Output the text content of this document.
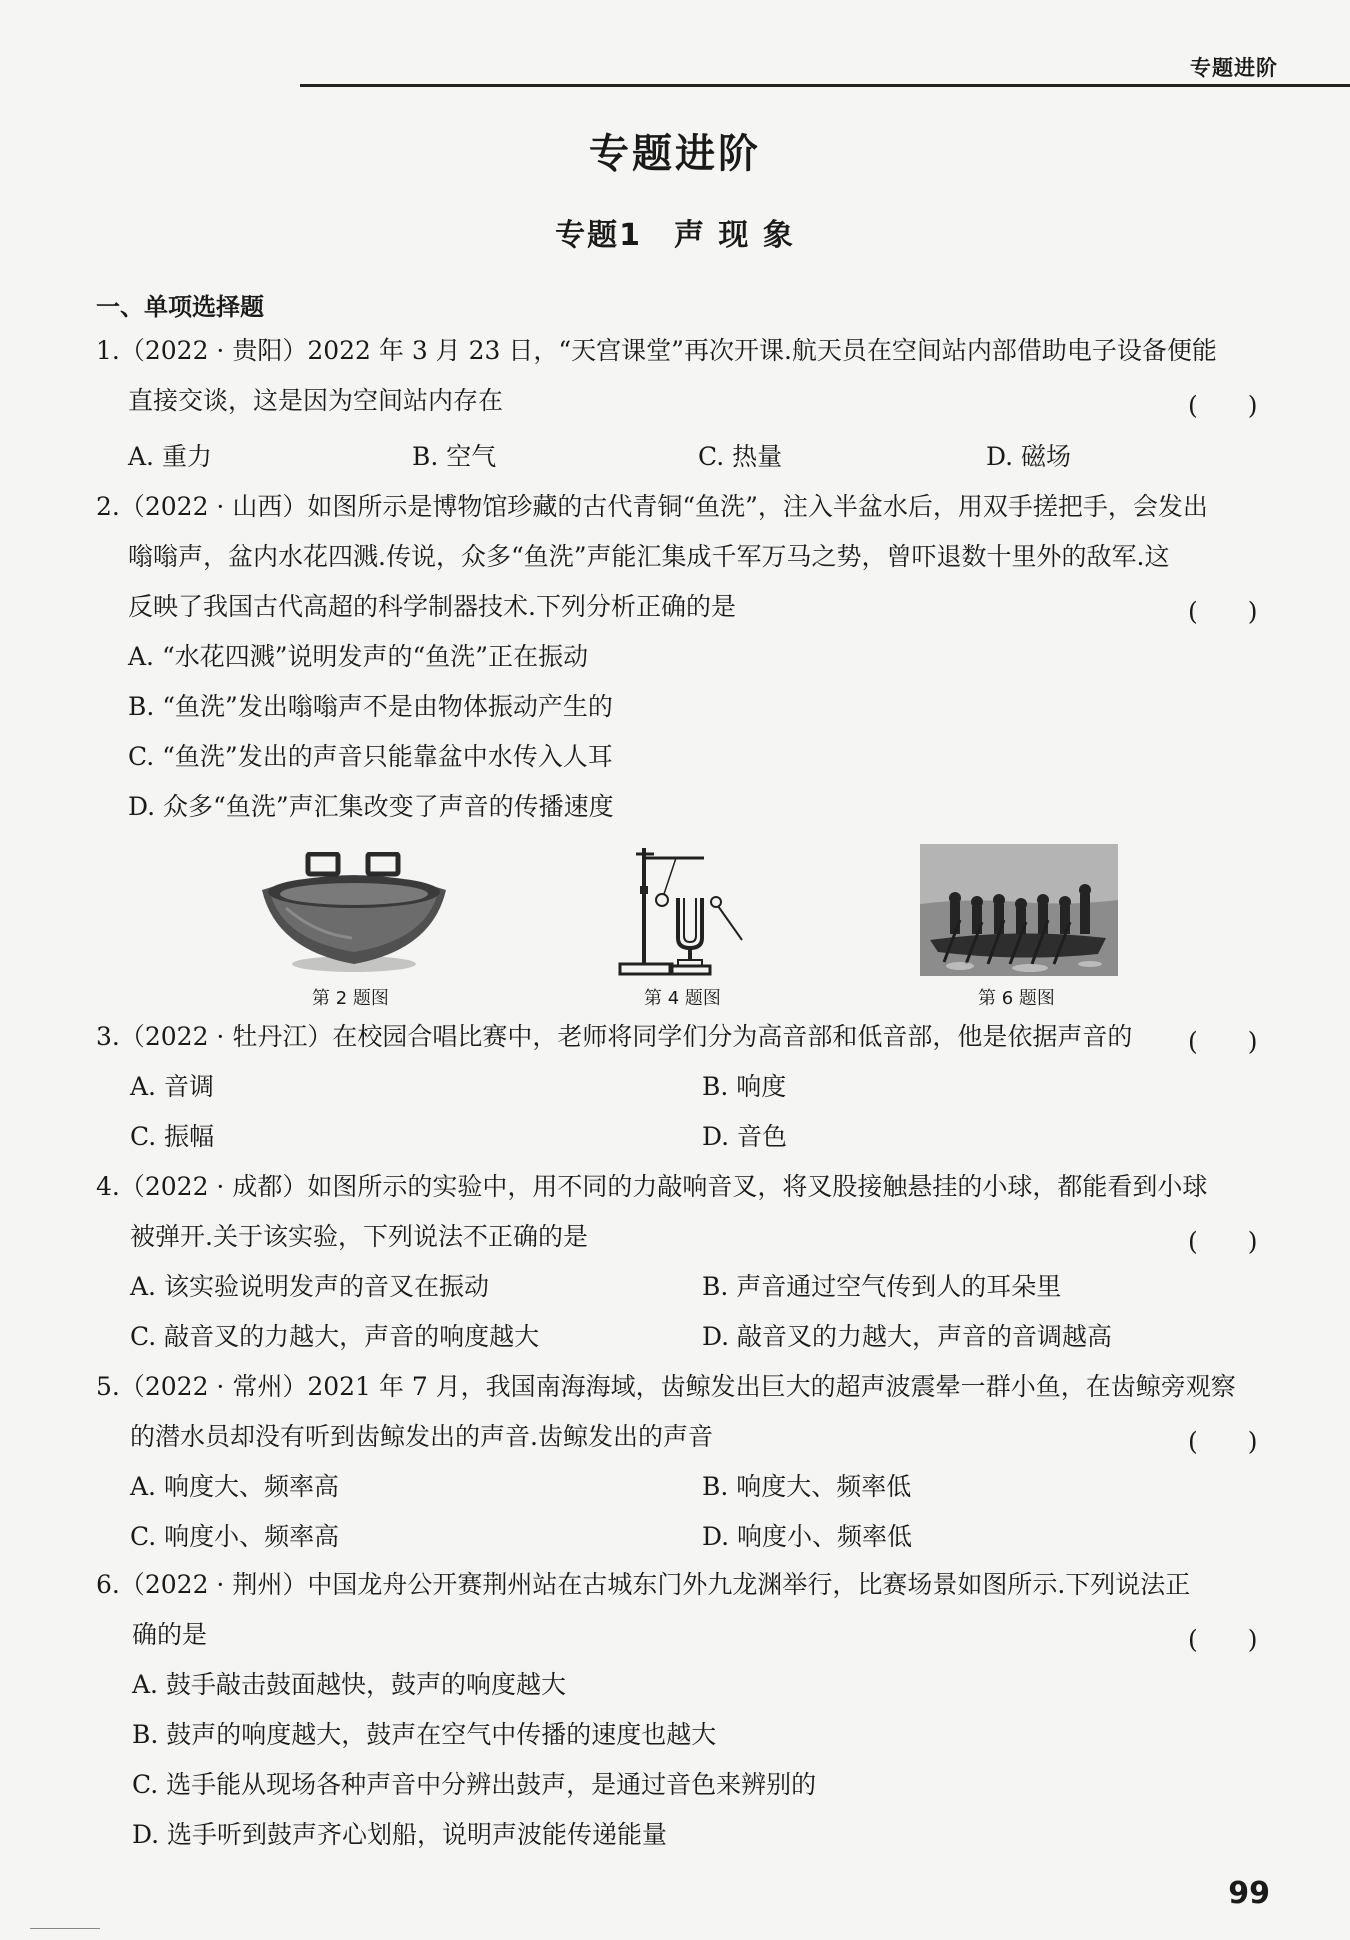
专题进阶
专题进阶
专题1　声 现 象
一、单项选择题
1.（2022 · 贵阳）2022 年 3 月 23 日，“天宫课堂”再次开课.航天员在空间站内部借助电子设备便能
直接交谈，这是因为空间站内存在	(　　)
A. 重力	B. 空气	C. 热量	D. 磁场
2.（2022 · 山西）如图所示是博物馆珍藏的古代青铜“鱼洗”，注入半盆水后，用双手搓把手，会发出
嗡嗡声，盆内水花四溅.传说，众多“鱼洗”声能汇集成千军万马之势，曾吓退数十里外的敌军.这
反映了我国古代高超的科学制器技术.下列分析正确的是	(　　)
A. “水花四溅”说明发声的“鱼洗”正在振动
B. “鱼洗”发出嗡嗡声不是由物体振动产生的
C. “鱼洗”发出的声音只能靠盆中水传入人耳
D. 众多“鱼洗”声汇集改变了声音的传播速度
第 2 题图	第 4 题图	第 6 题图
3.（2022 · 牡丹江）在校园合唱比赛中，老师将同学们分为高音部和低音部，他是依据声音的 (　　)
A. 音调	B. 响度
C. 振幅	D. 音色
4.（2022 · 成都）如图所示的实验中，用不同的力敲响音叉，将叉股接触悬挂的小球，都能看到小球
被弹开.关于该实验，下列说法不正确的是	(　　)
A. 该实验说明发声的音叉在振动	B. 声音通过空气传到人的耳朵里
C. 敲音叉的力越大，声音的响度越大	D. 敲音叉的力越大，声音的音调越高
5.（2022 · 常州）2021 年 7 月，我国南海海域，齿鲸发出巨大的超声波震晕一群小鱼，在齿鲸旁观察
的潜水员却没有听到齿鲸发出的声音.齿鲸发出的声音	(　　)
A. 响度大、频率高	B. 响度大、频率低
C. 响度小、频率高	D. 响度小、频率低
6.（2022 · 荆州）中国龙舟公开赛荆州站在古城东门外九龙渊举行，比赛场景如图所示.下列说法正
确的是	(　　)
A. 鼓手敲击鼓面越快，鼓声的响度越大
B. 鼓声的响度越大，鼓声在空气中传播的速度也越大
C. 选手能从现场各种声音中分辨出鼓声，是通过音色来辨别的
D. 选手听到鼓声齐心划船，说明声波能传递能量
99
